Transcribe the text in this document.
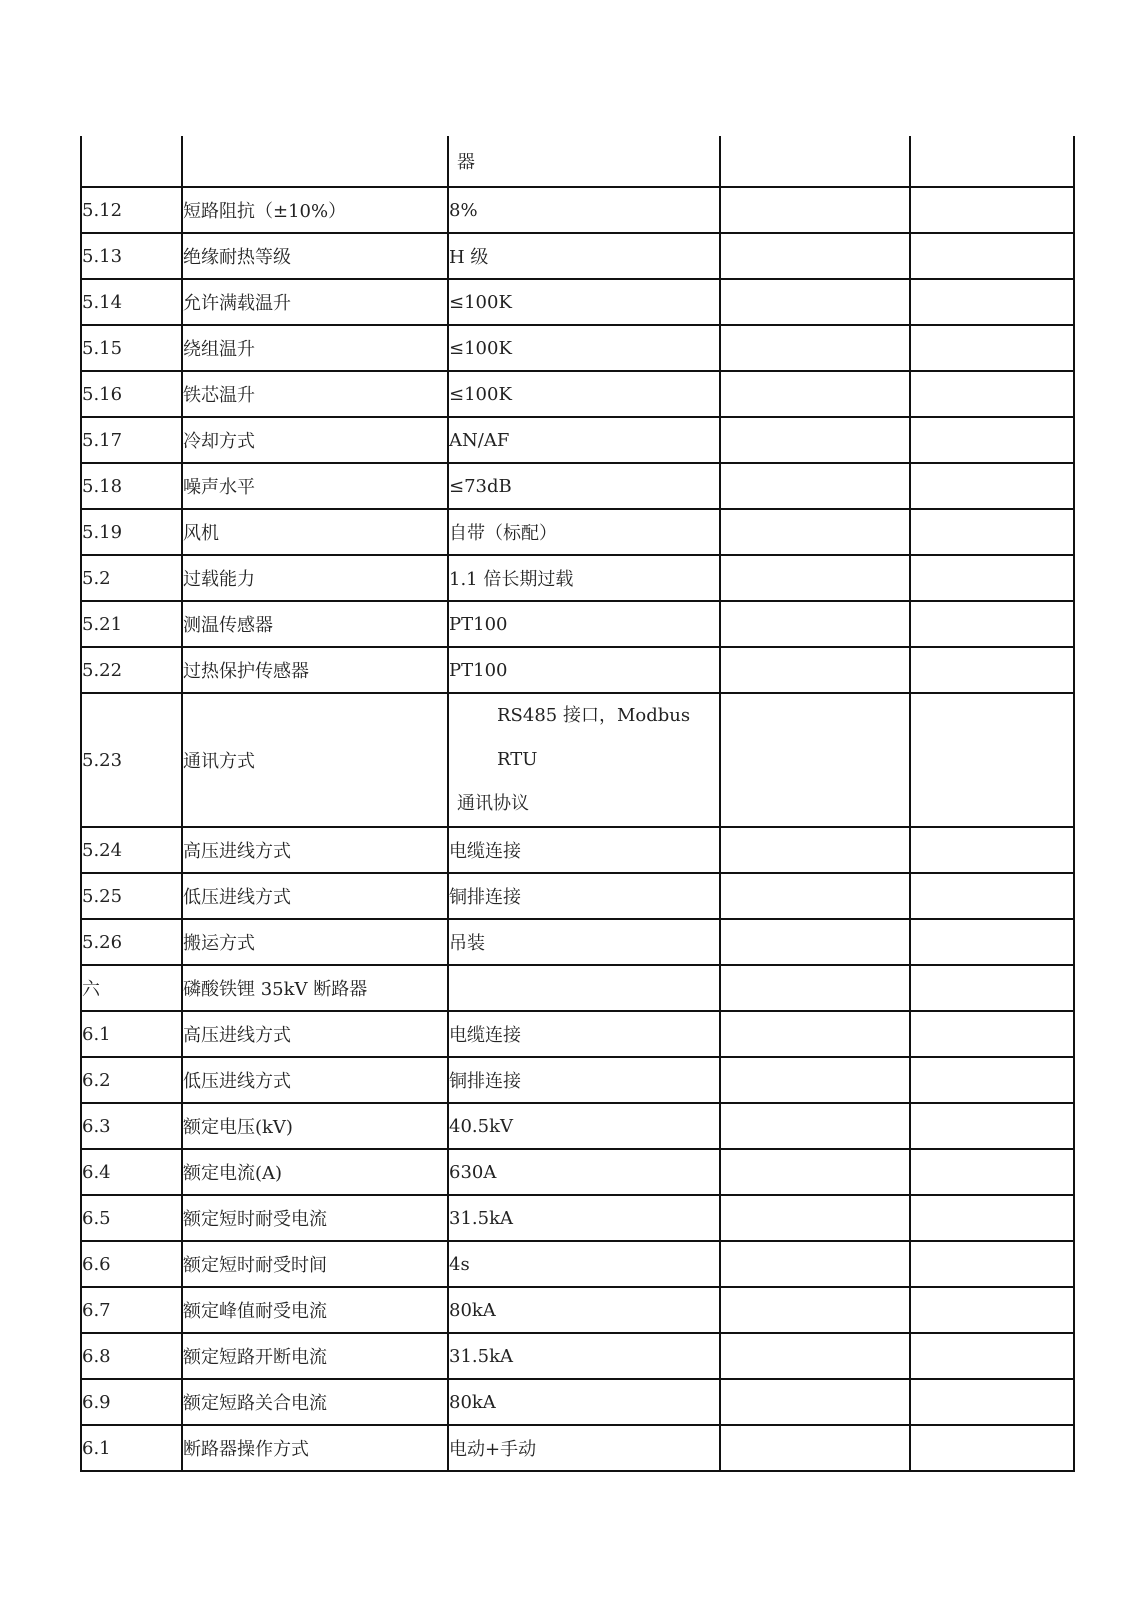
		器		
5.12	短路阻抗（±10%）	8%		
5.13	绝缘耐热等级	H 级		
5.14	允许满载温升	≤100K		
5.15	绕组温升	≤100K		
5.16	铁芯温升	≤100K		
5.17	冷却方式	AN/AF		
5.18	噪声水平	≤73dB		
5.19	风机	自带（标配）		
5.2	过载能力	1.1 倍长期过载		
5.21	测温传感器	PT100		
5.22	过热保护传感器	PT100		
5.23	通讯方式	RS485 接口，Modbus RTU
通讯协议		

5.24	高压进线方式	电缆连接		
5.25	低压进线方式	铜排连接		
5.26	搬运方式	吊装		
六	磷酸铁锂 35kV 断路器			
6.1	高压进线方式	电缆连接		
6.2	低压进线方式	铜排连接		
6.3	额定电压(kV)	40.5kV		
6.4	额定电流(A)	630A		
6.5	额定短时耐受电流	31.5kA		
6.6	额定短时耐受时间	4s		
6.7	额定峰值耐受电流	80kA		
6.8	额定短路开断电流	31.5kA		
6.9	额定短路关合电流	80kA		
6.1	断路器操作方式	电动+手动		
